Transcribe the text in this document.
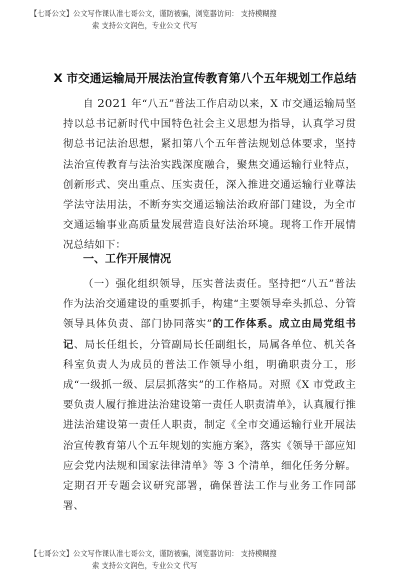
【七哥公文】公文写作课认准七哥公文，谨防被骗，浏览器访问： 支持模糊搜
索 支持公文润色，专业公文 代写
X 市交通运输局开展法治宣传教育第八个五年规划工作总结
自 2021 年“八五”普法工作启动以来，X 市交通运输局坚持以总书记新时代中国特色社会主义思想为指导，认真学习贯彻总书记法治思想，紧扣第八个五年普法规划总体要求，坚持法治宣传教育与法治实践深度融合，聚焦交通运输行业特点，创新形式、突出重点、压实责任，深入推进交通运输行业尊法学法守法用法，不断夯实交通运输法治政府部门建设，为全市交通运输事业高质量发展营造良好法治环境。现将工作开展情况总结如下：
一、工作开展情况
（一）强化组织领导，压实普法责任。坚持把“八五”普法作为法治交通建设的重要抓手，构建“主要领导牵头抓总、分管领导具体负责、部门协同落实”的工作体系。成立由局党组书记、局长任组长，分管副局长任副组长，局属各单位、机关各科室负责人为成员的普法工作领导小组，明确职责分工，形成“一级抓一级、层层抓落实”的工作格局。对照《X 市党政主要负责人履行推进法治建设第一责任人职责清单》，认真履行推进法治建设第一责任人职责，制定《全市交通运输行业开展法治宣传教育第八个五年规划的实施方案》，落实《领导干部应知应会党内法规和国家法律清单》等 3 个清单，细化任务分解。定期召开专题会议研究部署，确保普法工作与业务工作同部署、
【七哥公文】公文写作课认准七哥公文，谨防被骗，浏览器访问： 支持模糊搜
索 支持公文润色，专业公文 代写
